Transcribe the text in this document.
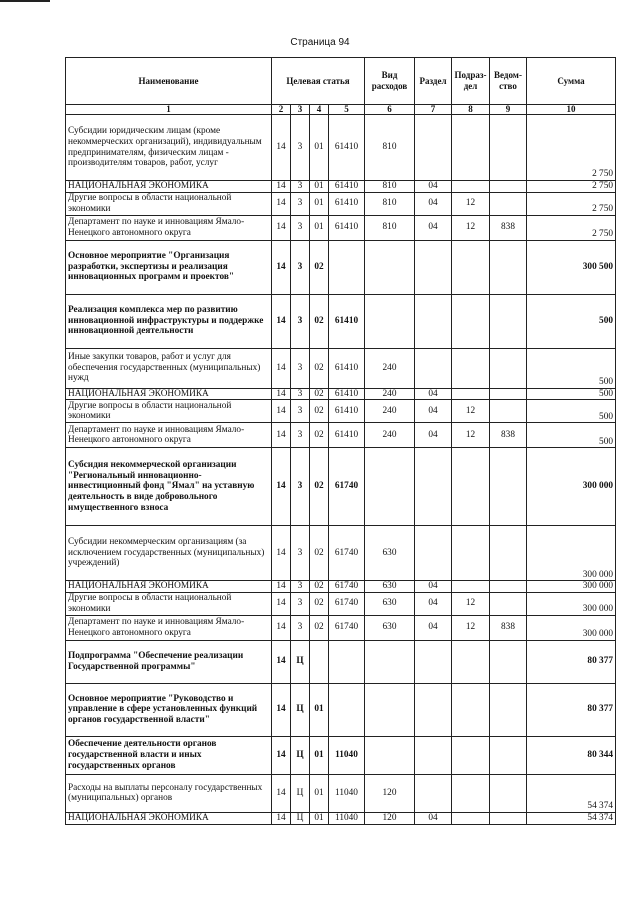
Страница 94
Наименование	Целевая статья				Вид расходов	Раздел	Подраз-дел	Ведом-ство	Сумма
1	2	3	4	5	6	7	8	9	10
Субсидии юридическим лицам (кроме некоммерческих организаций), индивидуальным предпринимателям, физическим лицам - производителям товаров, работ, услуг	14	3	01	61410	810				2 750
НАЦИОНАЛЬНАЯ ЭКОНОМИКА	14	3	01	61410	810	04			2 750
Другие вопросы в области национальной экономики	14	3	01	61410	810	04	12		2 750
Департамент по науке и инновациям Ямало-Ненецкого автономного округа	14	3	01	61410	810	04	12	838	2 750
Основное мероприятие "Организация разработки, экспертизы и реализация инновационных программ и проектов"	14	3	02						300 500
Реализация комплекса мер по развитию инновационной инфраструктуры и поддержке инновационной деятельности	14	3	02	61410					500
Иные закупки товаров, работ и услуг для обеспечения государственных (муниципальных) нужд	14	3	02	61410	240				500
НАЦИОНАЛЬНАЯ ЭКОНОМИКА	14	3	02	61410	240	04			500
Другие вопросы в области национальной экономики	14	3	02	61410	240	04	12		500
Департамент по науке и инновациям Ямало-Ненецкого автономного округа	14	3	02	61410	240	04	12	838	500
Субсидия некоммерческой организации "Региональный инновационно-инвестиционный фонд "Ямал" на уставную деятельность в виде добровольного имущественного взноса	14	3	02	61740					300 000
Субсидии некоммерческим организациям (за исключением государственных (муниципальных) учреждений)	14	3	02	61740	630				300 000
НАЦИОНАЛЬНАЯ ЭКОНОМИКА	14	3	02	61740	630	04			300 000
Другие вопросы в области национальной экономики	14	3	02	61740	630	04	12		300 000
Департамент по науке и инновациям Ямало-Ненецкого автономного округа	14	3	02	61740	630	04	12	838	300 000
Подпрограмма "Обеспечение реализации Государственной программы"	14	Ц							80 377
Основное мероприятие "Руководство и управление в сфере установленных функций органов государственной власти"	14	Ц	01						80 377
Обеспечение деятельности органов государственной власти и иных государственных органов	14	Ц	01	11040					80 344
Расходы на выплаты персоналу государственных (муниципальных) органов	14	Ц	01	11040	120				54 374
НАЦИОНАЛЬНАЯ ЭКОНОМИКА	14	Ц	01	11040	120	04			54 374
